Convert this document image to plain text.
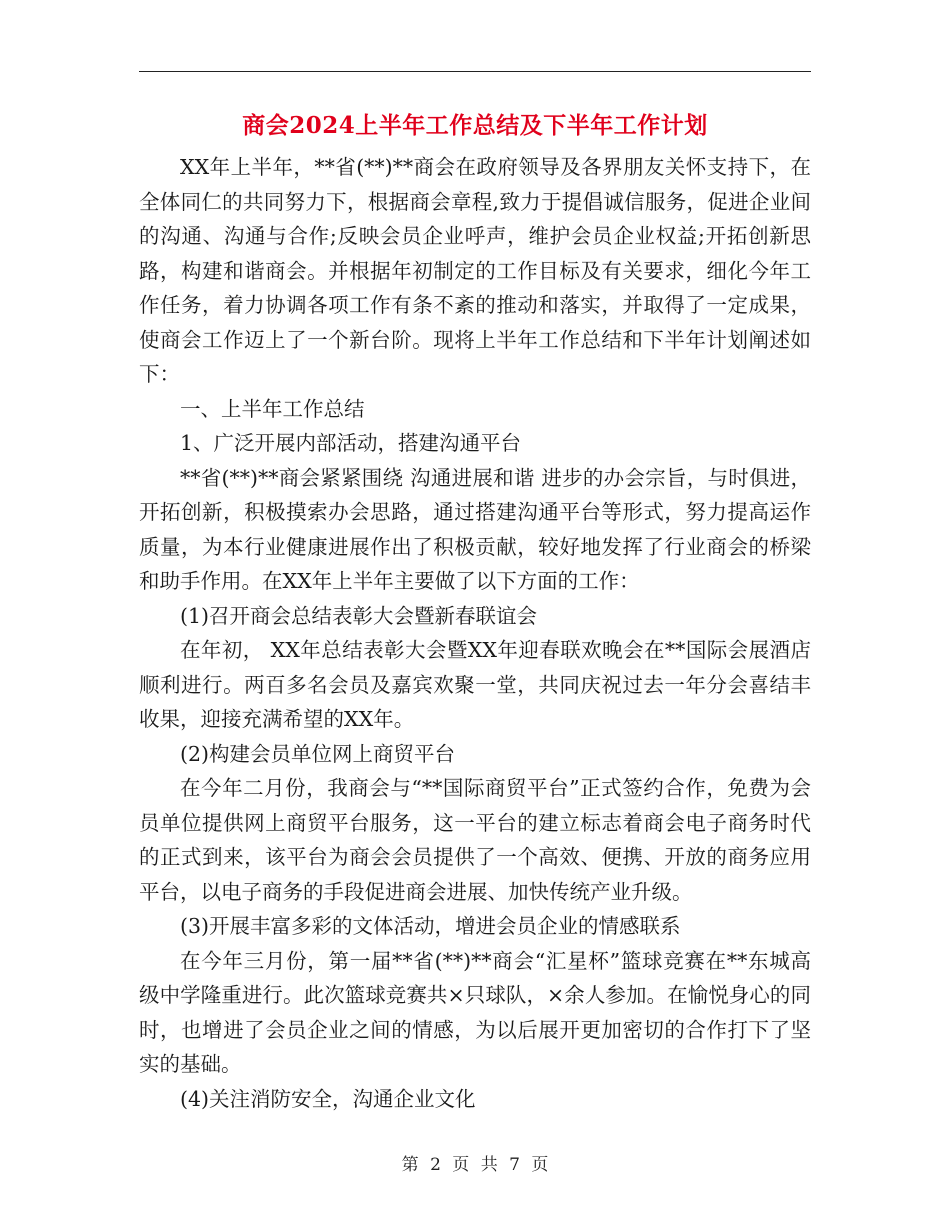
商会2024上半年工作总结及下半年工作计划

XX年上半年，**省(**)**商会在政府领导及各界朋友关怀支持下，在全体同仁的共同努力下，根据商会章程,致力于提倡诚信服务，促进企业间的沟通、沟通与合作;反映会员企业呼声，维护会员企业权益;开拓创新思路，构建和谐商会。并根据年初制定的工作目标及有关要求，细化今年工作任务，着力协调各项工作有条不紊的推动和落实，并取得了一定成果，使商会工作迈上了一个新台阶。现将上半年工作总结和下半年计划阐述如下：

一、上半年工作总结

1、广泛开展内部活动，搭建沟通平台

**省(**)**商会紧紧围绕 沟通进展和谐 进步的办会宗旨，与时俱进，开拓创新，积极摸索办会思路，通过搭建沟通平台等形式，努力提高运作质量，为本行业健康进展作出了积极贡献，较好地发挥了行业商会的桥梁和助手作用。在XX年上半年主要做了以下方面的工作：

(1)召开商会总结表彰大会暨新春联谊会

在年初， XX年总结表彰大会暨XX年迎春联欢晚会在**国际会展酒店顺利进行。两百多名会员及嘉宾欢聚一堂，共同庆祝过去一年分会喜结丰收果，迎接充满希望的XX年。

(2)构建会员单位网上商贸平台

在今年二月份，我商会与“**国际商贸平台”正式签约合作，免费为会员单位提供网上商贸平台服务，这一平台的建立标志着商会电子商务时代的正式到来，该平台为商会会员提供了一个高效、便携、开放的商务应用平台，以电子商务的手段促进商会进展、加快传统产业升级。

(3)开展丰富多彩的文体活动，增进会员企业的情感联系

在今年三月份，第一届**省(**)**商会“汇星杯”篮球竞赛在**东城高级中学隆重进行。此次篮球竞赛共×只球队，×余人参加。在愉悦身心的同时，也增进了会员企业之间的情感，为以后展开更加密切的合作打下了坚实的基础。

(4)关注消防安全，沟通企业文化

第 2 页 共 7 页
